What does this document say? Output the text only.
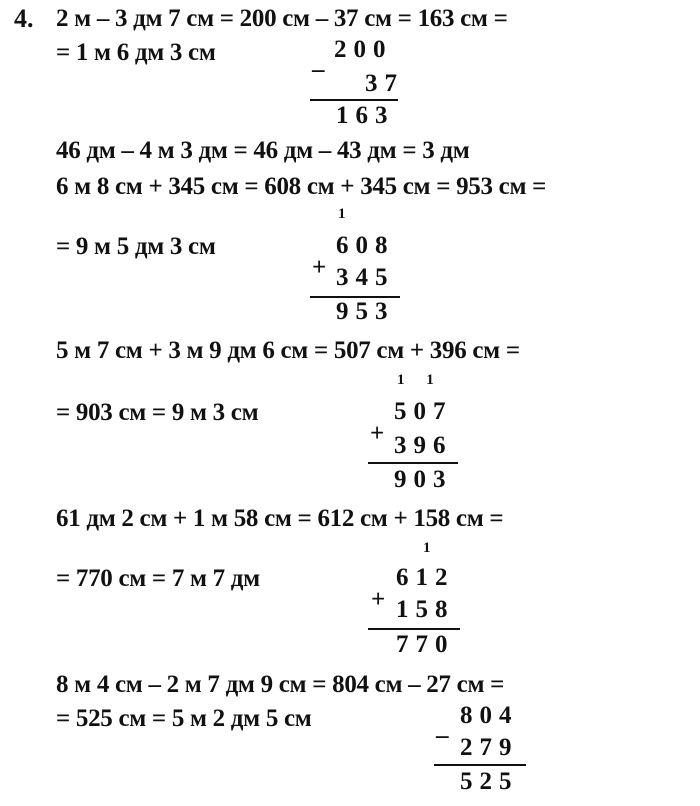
4. 2 м – 3 дм 7 см = 200 см – 37 см = 163 см =
= 1 м 6 дм 3 см	200
–
37
163
46 дм – 4 м 3 дм = 46 дм – 43 дм = 3 дм
6 м 8 см + 345 см = 608 см + 345 см = 953 см =
1
= 9 м 5 дм 3 см	608
+ 345
953
5 м 7 см + 3 м 9 дм 6 см = 507 см + 396 см =
1 1
= 903 см = 9 м 3 см	507
+ 396
903
61 дм 2 см + 1 м 58 см = 612 см + 158 см =
1
= 770 см = 7 м 7 дм	612
+ 158
770
8 м 4 см – 2 м 7 дм 9 см = 804 см – 27 см =
= 525 см = 5 м 2 дм 5 см	804
– 279
525
